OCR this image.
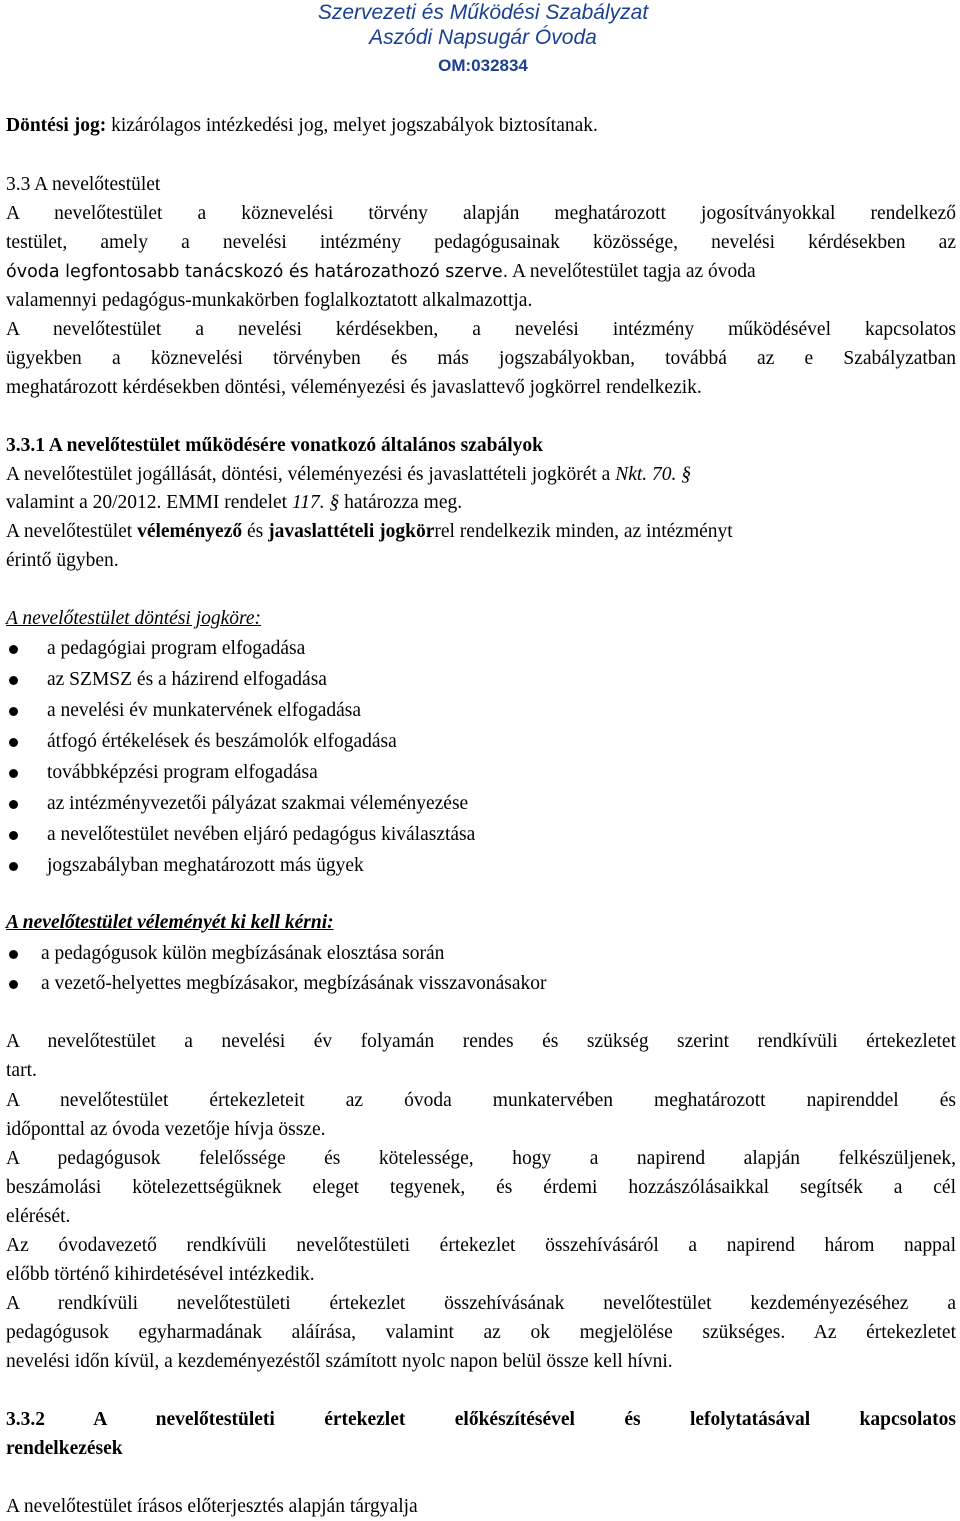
Szervezeti és Működési Szabályzat
Aszódi Napsugár Óvoda
OM:032834
Döntési jog: kizárólagos intézkedési jog, melyet jogszabályok biztosítanak.
3.3 A nevelőtestület
A nevelőtestület a köznevelési törvény alapján meghatározott jogosítványokkal rendelkező
testület, amely a nevelési intézmény pedagógusainak közössége, nevelési kérdésekben az
óvoda legfontosabb tanácskozó és határozathozó szerve. A nevelőtestület tagja az óvoda
valamennyi pedagógus-munkakörben foglalkoztatott alkalmazottja.
A nevelőtestület a nevelési kérdésekben, a nevelési intézmény működésével kapcsolatos
ügyekben a köznevelési törvényben és más jogszabályokban, továbbá az e Szabályzatban
meghatározott kérdésekben döntési, véleményezési és javaslattevő jogkörrel rendelkezik.
3.3.1 A nevelőtestület működésére vonatkozó általános szabályok
A nevelőtestület jogállását, döntési, véleményezési és javaslattételi jogkörét a Nkt. 70. §
valamint a 20/2012. EMMI rendelet 117. § határozza meg.
A nevelőtestület véleményező és javaslattételi jogkörrel rendelkezik minden, az intézményt
érintő ügyben.
A nevelőtestület döntési jogköre:
a pedagógiai program elfogadása
az SZMSZ és a házirend elfogadása
a nevelési év munkatervének elfogadása
átfogó értékelések és beszámolók elfogadása
továbbképzési program elfogadása
az intézményvezetői pályázat szakmai véleményezése
a nevelőtestület nevében eljáró pedagógus kiválasztása
jogszabályban meghatározott más ügyek
A nevelőtestület véleményét ki kell kérni:
a pedagógusok külön megbízásának elosztása során
a vezető-helyettes megbízásakor, megbízásának visszavonásakor
A nevelőtestület a nevelési év folyamán rendes és szükség szerint rendkívüli értekezletet
tart.
A nevelőtestület értekezleteit az óvoda munkatervében meghatározott napirenddel és
időponttal az óvoda vezetője hívja össze.
A pedagógusok felelőssége és kötelessége, hogy a napirend alapján felkészüljenek,
beszámolási kötelezettségüknek eleget tegyenek, és érdemi hozzászólásaikkal segítsék a cél
elérését.
Az óvodavezető rendkívüli nevelőtestületi értekezlet összehívásáról a napirend három nappal
előbb történő kihirdetésével intézkedik.
A rendkívüli nevelőtestületi értekezlet összehívásának nevelőtestület kezdeményezéséhez a
pedagógusok egyharmadának aláírása, valamint az ok megjelölése szükséges. Az értekezletet
nevelési időn kívül, a kezdeményezéstől számított nyolc napon belül össze kell hívni.
3.3.2 A nevelőtestületi értekezlet előkészítésével és lefolytatásával kapcsolatos
rendelkezések
A nevelőtestület írásos előterjesztés alapján tárgyalja
